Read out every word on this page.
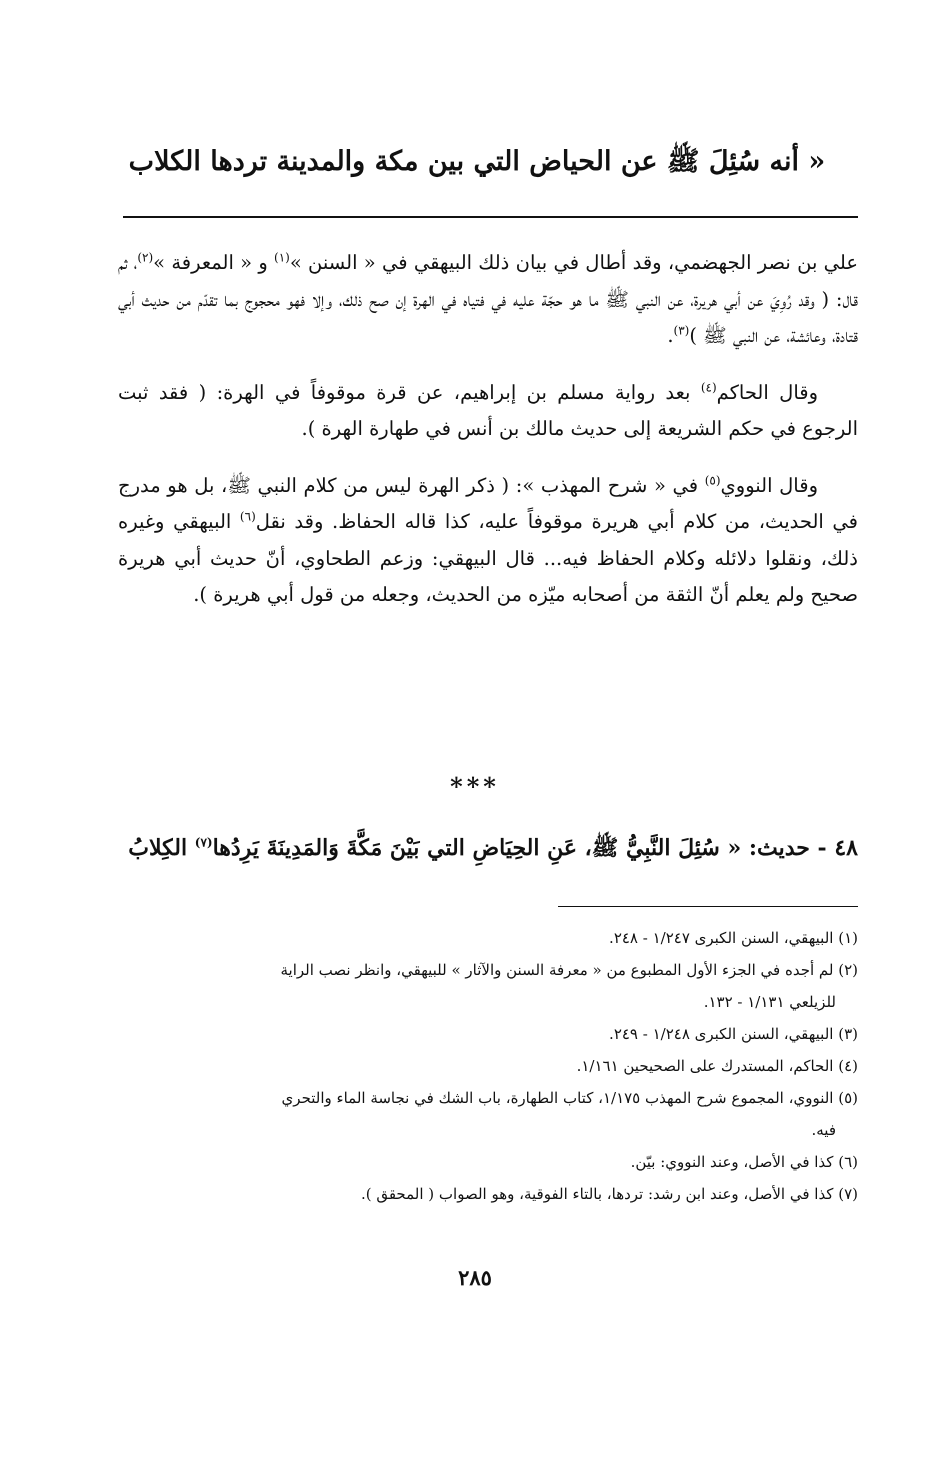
« أنه سُئِلَ ﷺ عن الحياض التي بين مكة والمدينة تردها الكلاب

علي بن نصر الجهضمي، وقد أطال في بيان ذلك البيهقي في « السنن »$^{(١)}$ و « المعرفة »$^{(٢)}$، ثم قال: ( وقد رُوِيَ عن أبي هريرة، عن النبي ﷺ ما هو حجّة عليه في فتياه في الهرة إن صح ذلك، وإلا فهو محجوج بما تقدّم من حديث أبي قتادة، وعائشة، عن النبي ﷺ )$^{(٣)}$.

وقال الحاكم$^{(٤)}$ بعد رواية مسلم بن إبراهيم، عن قرة موقوفاً في الهرة: ( فقد ثبت الرجوع في حكم الشريعة إلى حديث مالك بن أنس في طهارة الهرة ).

وقال النووي$^{(٥)}$ في « شرح المهذب »: ( ذكر الهرة ليس من كلام النبي ﷺ، بل هو مدرج في الحديث، من كلام أبي هريرة موقوفاً عليه، كذا قاله الحفاظ. وقد نقل$^{(٦)}$ البيهقي وغيره ذلك، ونقلوا دلائله وكلام الحفاظ فيه... قال البيهقي: وزعم الطحاوي، أنّ حديث أبي هريرة صحيح ولم يعلم أنّ الثقة من أصحابه ميّزه من الحديث، وجعله من قول أبي هريرة ).

***
٤٨ - حديث: « سُئِلَ النَّبِيُّ ﷺ، عَنِ الحِيَاضِ التي بَيْنَ مَكَّةَ وَالمَدِينَةَ يَرِدُها$^{(٧)}$ الكِلابُ

(١) البيهقي، السنن الكبرى ١/٢٤٧ - ٢٤٨.

(٢) لم أجده في الجزء الأول المطبوع من « معرفة السنن والآثار » للبيهقي، وانظر نصب الراية

للزيلعي ١/١٣١ - ١٣٢.

(٣) البيهقي، السنن الكبرى ١/٢٤٨ - ٢٤٩.

(٤) الحاكم، المستدرك على الصحيحين ١/١٦١.

(٥) النووي، المجموع شرح المهذب ١/١٧٥، كتاب الطهارة، باب الشك في نجاسة الماء والتحري

فيه.

(٦) كذا في الأصل، وعند النووي: بيّن.

(٧) كذا في الأصل، وعند ابن رشد: تردها، بالتاء الفوقية، وهو الصواب ( المحقق ).

٢٨٥
